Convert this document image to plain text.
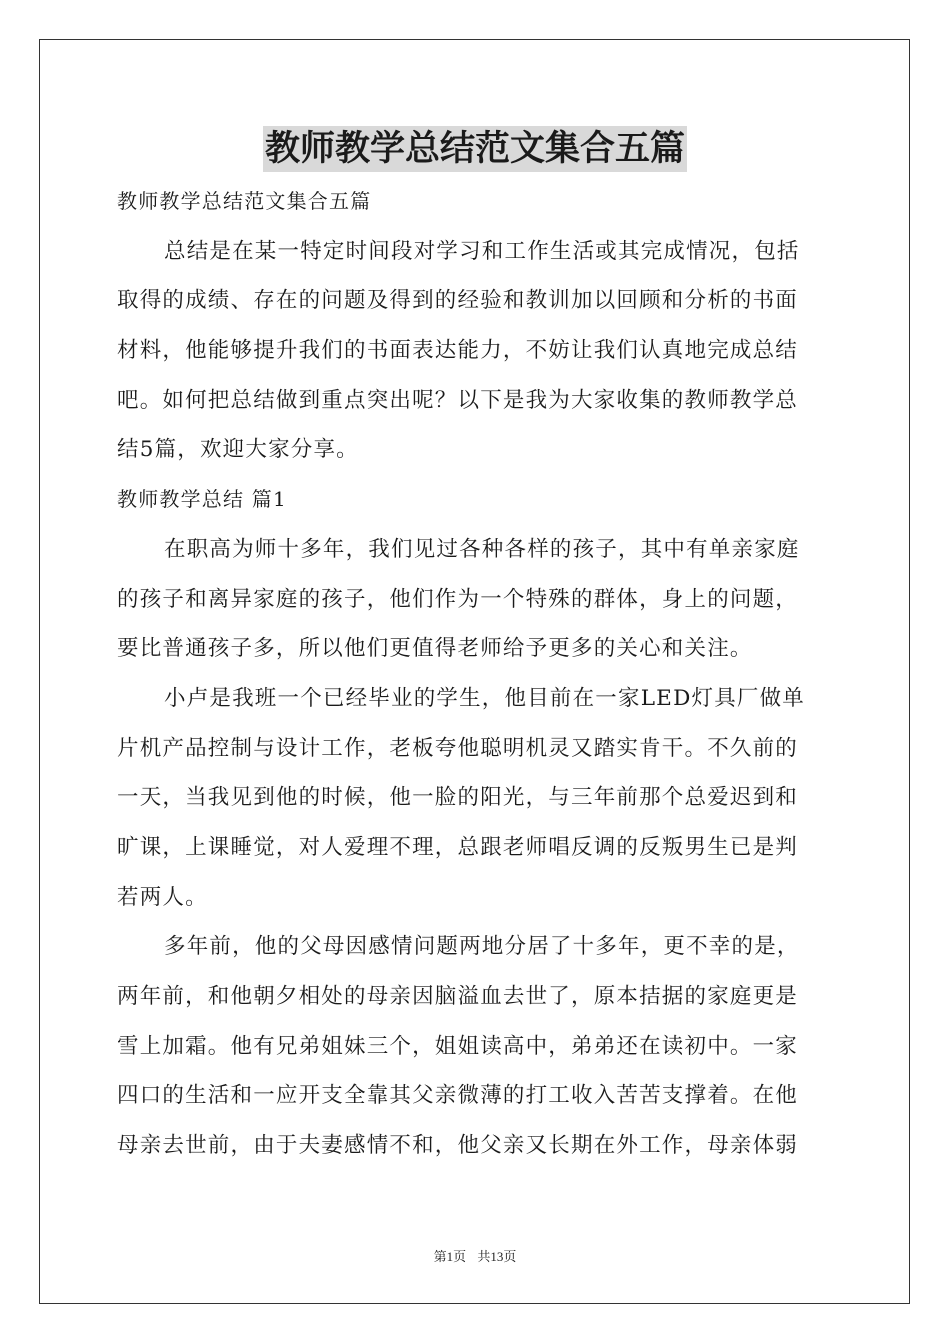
教师教学总结范文集合五篇
教师教学总结范文集合五篇
总结是在某一特定时间段对学习和工作生活或其完成情况，包括
取得的成绩、存在的问题及得到的经验和教训加以回顾和分析的书面
材料，他能够提升我们的书面表达能力，不妨让我们认真地完成总结
吧。如何把总结做到重点突出呢？以下是我为大家收集的教师教学总
结5篇，欢迎大家分享。
教师教学总结 篇1
在职高为师十多年，我们见过各种各样的孩子，其中有单亲家庭
的孩子和离异家庭的孩子，他们作为一个特殊的群体，身上的问题，
要比普通孩子多，所以他们更值得老师给予更多的关心和关注。
小卢是我班一个已经毕业的学生，他目前在一家LED灯具厂做单
片机产品控制与设计工作，老板夸他聪明机灵又踏实肯干。不久前的
一天，当我见到他的时候，他一脸的阳光，与三年前那个总爱迟到和
旷课，上课睡觉，对人爱理不理，总跟老师唱反调的反叛男生已是判
若两人。
多年前，他的父母因感情问题两地分居了十多年，更不幸的是，
两年前，和他朝夕相处的母亲因脑溢血去世了，原本拮据的家庭更是
雪上加霜。他有兄弟姐妹三个，姐姐读高中，弟弟还在读初中。一家
四口的生活和一应开支全靠其父亲微薄的打工收入苦苦支撑着。在他
母亲去世前，由于夫妻感情不和，他父亲又长期在外工作，母亲体弱
第1页 共13页
